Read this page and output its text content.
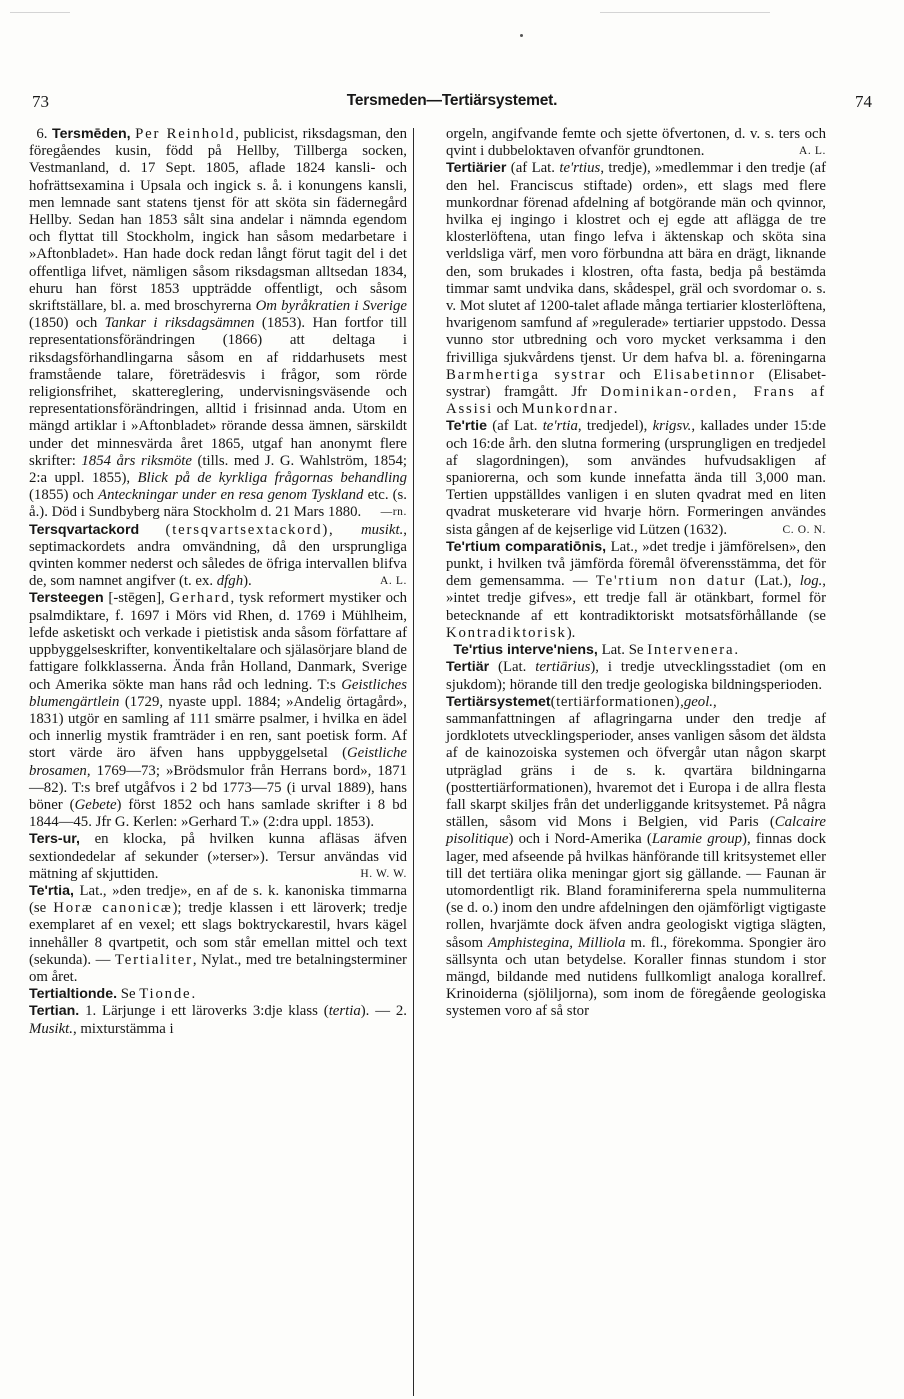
73	Tersmeden—Tertiärsystemet.	74

 6. Tersmēden, Per Reinhold, publicist, riksdagsman, den föregåendes kusin, född på Hellby, Tillberga socken, Vestmanland, d. 17 Sept. 1805, aflade 1824 kansli- och hofrättsexamina i Upsala och ingick s. å. i konungens kansli, men lemnade sant statens tjenst för att sköta sin fädernegård Hellby. Sedan han 1853 sålt sina andelar i nämnda egendom och flyttat till Stockholm, ingick han såsom medarbetare i »Aftonbladet». Han hade dock redan långt förut tagit del i det offentliga lifvet, nämligen såsom riksdagsman alltsedan 1834, ehuru han först 1853 uppträdde offentligt, och såsom skriftställare, bl. a. med broschyrerna Om byråkratien i Sverige (1850) och Tankar i riksdagsämnen (1853). Han fortfor till representationsförändringen (1866) att deltaga i riksdagsförhandlingarna såsom en af riddarhusets mest framstående talare, företrädesvis i frågor, som rörde religionsfrihet, skattereglering, undervisningsväsende och representationsförändringen, alltid i frisinnad anda. Utom en mängd artiklar i »Aftonbladet» rörande dessa ämnen, särskildt under det minnesvärda året 1865, utgaf han anonymt flere skrifter: 1854 års riksmöte (tills. med J. G. Wahlström, 1854; 2:a uppl. 1855), Blick på de kyrkliga frågornas behandling (1855) och Anteckningar under en resa genom Tyskland etc. (s. å.). Död i Sundbyberg nära Stockholm d. 21 Mars 1880. —rn.

Tersqvartackord (tersqvartsextackord), musikt., septimackordets andra omvändning, då den ursprungliga qvinten kommer nederst och således de öfriga intervallen blifva de, som namnet angifver (t. ex. dfgh).	A. L.

Tersteegen [-stēgen], Gerhard, tysk reformert mystiker och psalmdiktare, f. 1697 i Mörs vid Rhen, d. 1769 i Mühlheim, lefde asketiskt och verkade i pietistisk anda såsom författare af uppbyggelseskrifter, konventikeltalare och själasörjare bland de fattigare folkklasserna. Ända från Holland, Danmark, Sverige och Amerika sökte man hans råd och ledning. T:s Geistliches blumengärtlein (1729, nyaste uppl. 1884; »Andelig örtagård», 1831) utgör en samling af 111 smärre psalmer, i hvilka en ädel och innerlig mystik framträder i en ren, sant poetisk form. Af stort värde äro äfven hans uppbyggelsetal (Geistliche brosamen, 1769—73; »Brödsmulor från Herrans bord», 1871—82). T:s bref utgåfvos i 2 bd 1773—75 (i urval 1889), hans böner (Gebete) först 1852 och hans samlade skrifter i 8 bd 1844—45. Jfr G. Kerlen: »Gerhard T.» (2:dra uppl. 1853).

Ters-ur, en klocka, på hvilken kunna afläsas äfven sextiondedelar af sekunder (»terser»). Tersur användas vid mätning af skjuttiden.	H. W. W.

Te'rtia, Lat., »den tredje», en af de s. k. kanoniska timmarna (se Horæ canonicæ); tredje klassen i ett läroverk; tredje exemplaret af en vexel; ett slags boktryckarestil, hvars kägel innehåller 8 qvartpetit, och som står emellan mittel och text (sekunda). — Tertialiter, Nylat., med tre betalningsterminer om året.

Tertialtionde. Se Tionde.

Tertian. 1. Lärjunge i ett läroverks 3:dje klass (tertia). — 2. Musikt., mixturstämma i

orgeln, angifvande femte och sjette öfvertonen, d. v. s. ters och qvint i dubbeloktaven ofvanför grundtonen.	A. L.

Tertiärier (af Lat. te'rtius, tredje), »medlemmar i den tredje (af den hel. Franciscus stiftade) orden», ett slags med flere munkordnar förenad afdelning af botgörande män och qvinnor, hvilka ej ingingo i klostret och ej egde att aflägga de tre klosterlöftena, utan fingo lefva i äktenskap och sköta sina verldsliga värf, men voro förbundna att bära en drägt, liknande den, som brukades i klostren, ofta fasta, bedja på bestämda timmar samt undvika dans, skådespel, gräl och svordomar o. s. v. Mot slutet af 1200-talet aflade många tertiarier klosterlöftena, hvarigenom samfund af »regulerade» tertiarier uppstodo. Dessa vunno stor utbredning och voro mycket verksamma i den frivilliga sjukvårdens tjenst. Ur dem hafva bl. a. föreningarna Barmhertiga systrar och Elisabetinnor (Elisabet-systrar) framgått. Jfr Dominikan-orden, Frans af Assisi och Munkordnar.

Te'rtie (af Lat. te'rtia, tredjedel), krigsv., kallades under 15:de och 16:de årh. den slutna formering (ursprungligen en tredjedel af slagordningen), som användes hufvudsakligen af spaniorerna, och som kunde innefatta ända till 3,000 man. Tertien uppställdes vanligen i en sluten qvadrat med en liten qvadrat musketerare vid hvarje hörn. Formeringen användes sista gången af de kejserlige vid Lützen (1632).	C. O. N.

Te'rtium comparatiōnis, Lat., »det tredje i jämförelsen», den punkt, i hvilken två jämförda föremål öfverensstämma, det för dem gemensamma. — Te'rtium non datur (Lat.), log., »intet tredje gifves», ett tredje fall är otänkbart, formel för betecknande af ett kontradiktoriskt motsatsförhållande (se Kontradiktorisk).

 Te'rtius interve'niens, Lat. Se Intervenera.

Tertiär (Lat. tertiārius), i tredje utvecklingsstadiet (om en sjukdom); hörande till den tredje geologiska bildningsperioden.

Tertiärsystemet(tertiärformationen),geol., sammanfattningen af aflagringarna under den tredje af jordklotets utvecklingsperioder, anses vanligen såsom det äldsta af de kainozoiska systemen och öfvergår utan någon skarpt utpräglad gräns i de s. k. qvartära bildningarna (posttertiärformationen), hvaremot det i Europa i de allra flesta fall skarpt skiljes från det underliggande kritsystemet. På några ställen, såsom vid Mons i Belgien, vid Paris (Calcaire pisolitique) och i Nord-Amerika (Laramie group), finnas dock lager, med afseende på hvilkas hänförande till kritsystemet eller till det tertiära olika meningar gjort sig gällande. — Faunan är utomordentligt rik. Bland foraminifererna spela nummuliterna (se d. o.) inom den undre afdelningen den ojämförligt vigtigaste rollen, hvarjämte dock äfven andra geologiskt vigtiga slägten, såsom Amphistegina, Milliola m. fl., förekomma. Spongier äro sällsynta och utan betydelse. Koraller finnas stundom i stor mängd, bildande med nutidens fullkomligt analoga korallref. Krinoiderna (sjöliljorna), som inom de föregående geologiska systemen voro af så stor
